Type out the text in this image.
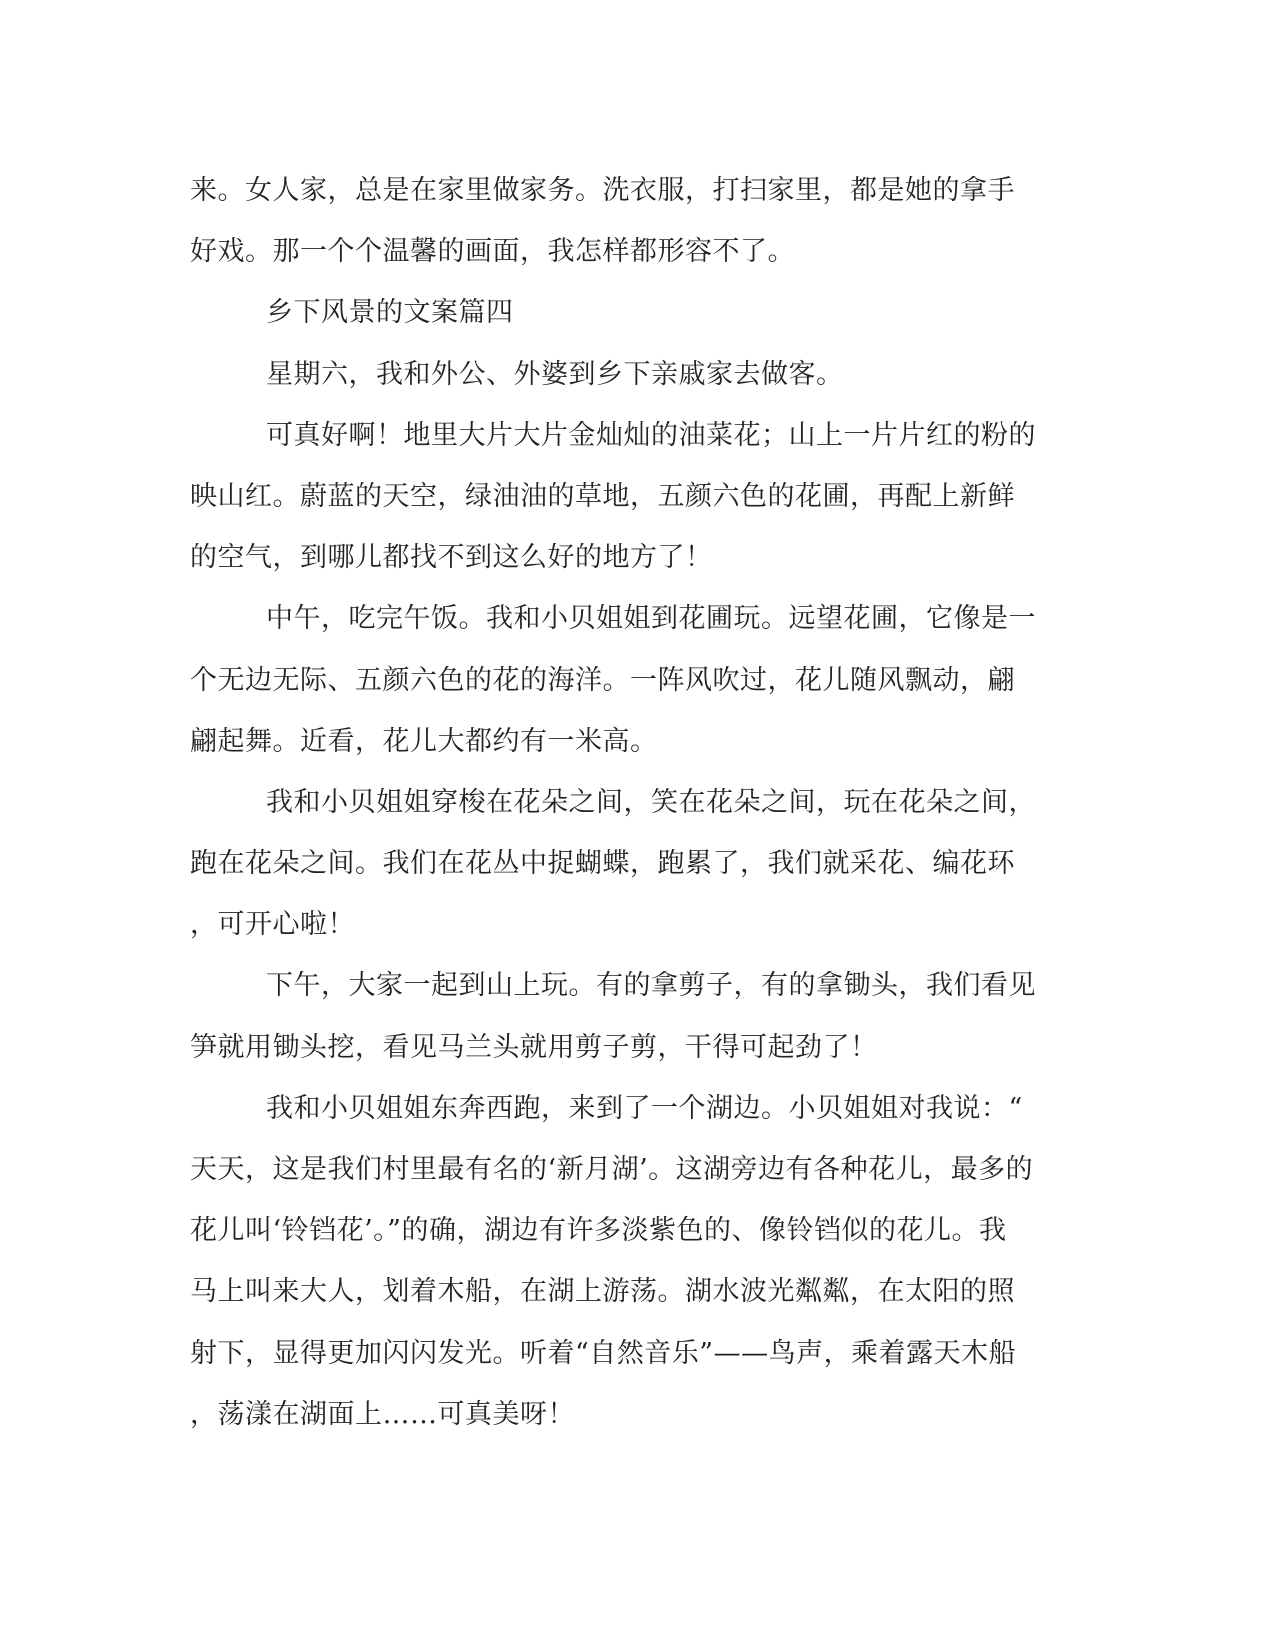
来。女人家，总是在家里做家务。洗衣服，打扫家里，都是她的拿手
好戏。那一个个温馨的画面，我怎样都形容不了。
乡下风景的文案篇四
星期六，我和外公、外婆到乡下亲戚家去做客。
可真好啊！地里大片大片金灿灿的油菜花；山上一片片红的粉的
映山红。蔚蓝的天空，绿油油的草地，五颜六色的花圃，再配上新鲜
的空气，到哪儿都找不到这么好的地方了！
中午，吃完午饭。我和小贝姐姐到花圃玩。远望花圃，它像是一
个无边无际、五颜六色的花的海洋。一阵风吹过，花儿随风飘动，翩
翩起舞。近看，花儿大都约有一米高。
我和小贝姐姐穿梭在花朵之间，笑在花朵之间，玩在花朵之间，
跑在花朵之间。我们在花丛中捉蝴蝶，跑累了，我们就采花、编花环
，可开心啦！
下午，大家一起到山上玩。有的拿剪子，有的拿锄头，我们看见
笋就用锄头挖，看见马兰头就用剪子剪，干得可起劲了！
我和小贝姐姐东奔西跑，来到了一个湖边。小贝姐姐对我说：“
天天，这是我们村里最有名的‘新月湖’。这湖旁边有各种花儿，最多的
花儿叫‘铃铛花’。”的确，湖边有许多淡紫色的、像铃铛似的花儿。我
马上叫来大人，划着木船，在湖上游荡。湖水波光粼粼，在太阳的照
射下，显得更加闪闪发光。听着“自然音乐”——鸟声，乘着露天木船
，荡漾在湖面上……可真美呀！
